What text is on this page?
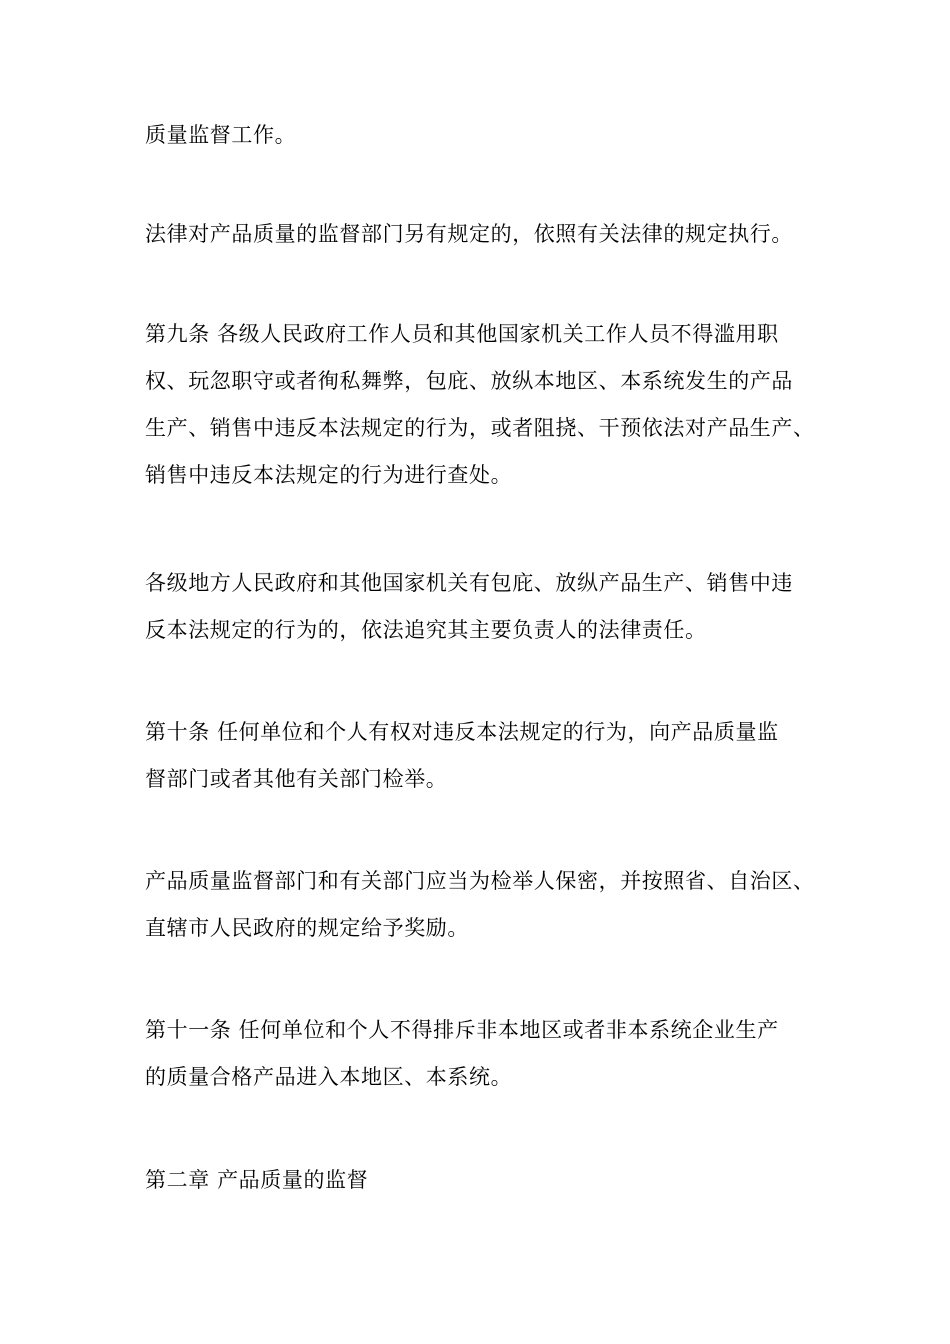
质量监督工作。

法律对产品质量的监督部门另有规定的，依照有关法律的规定执行。

第九条 各级人民政府工作人员和其他国家机关工作人员不得滥用职
权、玩忽职守或者徇私舞弊，包庇、放纵本地区、本系统发生的产品
生产、销售中违反本法规定的行为，或者阻挠、干预依法对产品生产、
销售中违反本法规定的行为进行查处。

各级地方人民政府和其他国家机关有包庇、放纵产品生产、销售中违
反本法规定的行为的，依法追究其主要负责人的法律责任。

第十条 任何单位和个人有权对违反本法规定的行为，向产品质量监
督部门或者其他有关部门检举。

产品质量监督部门和有关部门应当为检举人保密，并按照省、自治区、
直辖市人民政府的规定给予奖励。

第十一条 任何单位和个人不得排斥非本地区或者非本系统企业生产
的质量合格产品进入本地区、本系统。

第二章 产品质量的监督
